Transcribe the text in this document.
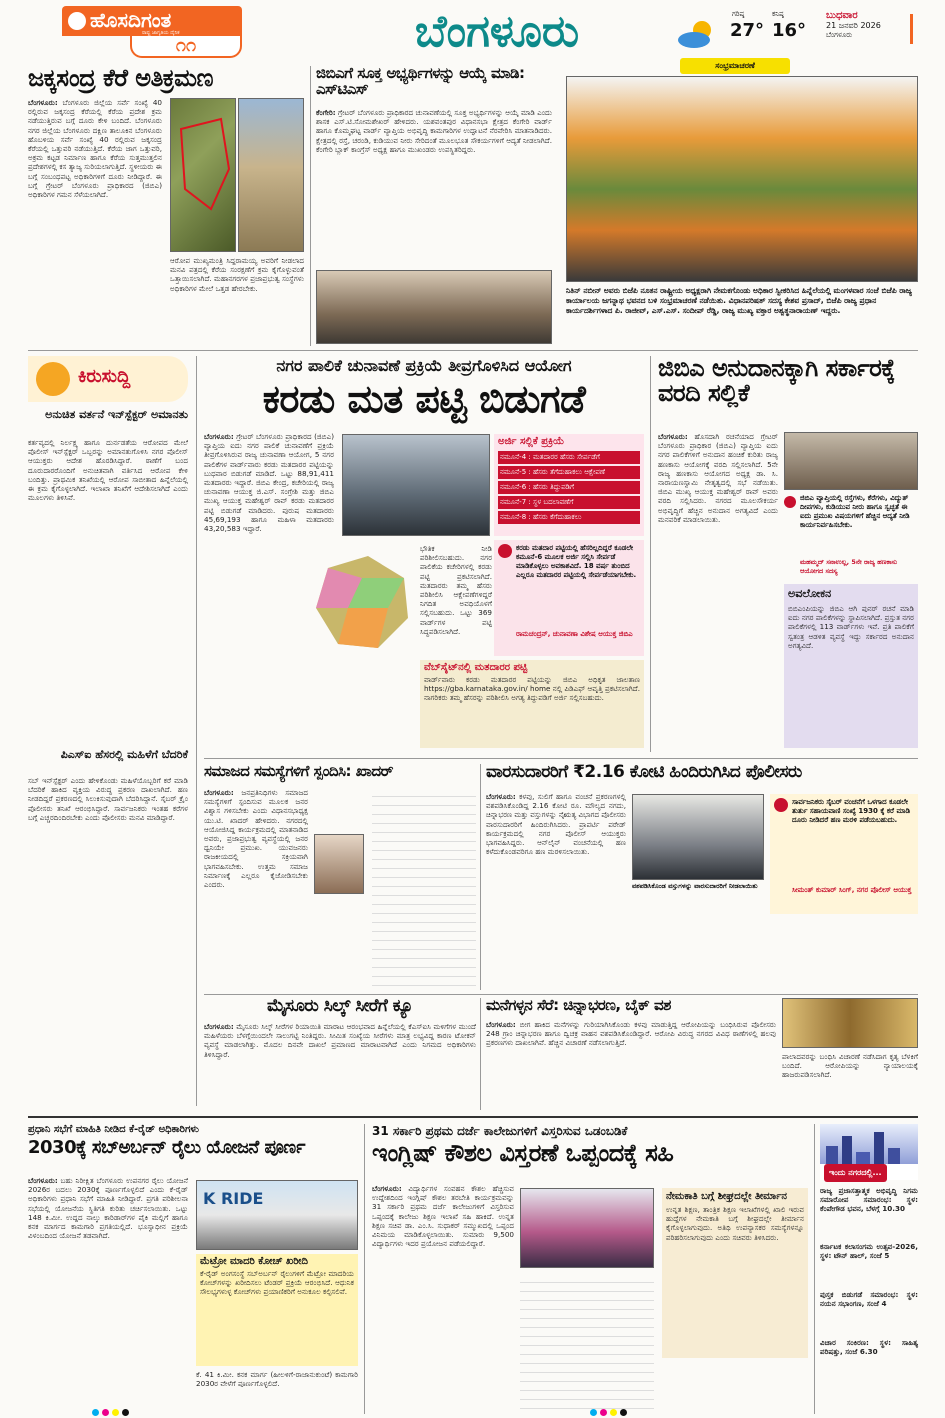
ಹೊಸದಿಗಂತ
ರಾಷ್ಟ್ರ ಜಾಗೃತಿಯ ದೈನಿಕ
೧೧	ಬೆಂಗಳೂರು	ಗರಿಷ್ಠ
27°
ಕನಿಷ್ಠ
16°
ಬುಧವಾರ
21 ಜನವರಿ 2026
ಬೆಂಗಳೂರು
ಸಂಭ್ರಮಾಚರಣೆ
ಜಕ್ಕಸಂದ್ರ ಕೆರೆ ಅತಿಕ್ರಮಣ
ಬೆಂಗಳೂರು: ಬೆಂಗಳೂರು ಜಿಲ್ಲೆಯ ಸರ್ವೆ ಸಂಖ್ಯೆ 40 ರಲ್ಲಿರುವ ಜಕ್ಕಸಂದ್ರ ಕೆರೆಯಲ್ಲಿ ಕೆರೆಯ ಪ್ರದೇಶ ಕ್ರಮ ನಡೆಯುತ್ತಿರುವ ಬಗ್ಗೆ ದೂರು ಕೇಳಿ ಬಂದಿದೆ. ಬೆಂಗಳೂರು ನಗರ ಜಿಲ್ಲೆಯ ಬೆಂಗಳೂರು ದಕ್ಷಿಣ ತಾಲೂಕಿನ ಬೆಂಗಳೂರು ಹೊಬಳಿಯ ಸರ್ವೆ ಸಂಖ್ಯೆ 40 ರಲ್ಲಿರುವ ಜಕ್ಕಸಂದ್ರ ಕೆರೆಯಲ್ಲಿ ಒತ್ತುವರಿ ನಡೆಯುತ್ತಿದೆ. ಕೆರೆಯ ಜಾಗ ಒತ್ತುವರಿ, ಅಕ್ರಮ ಕಟ್ಟಡ ನಿರ್ಮಾಣ ಹಾಗೂ ಕೆರೆಯ ಸುತ್ತಮುತ್ತಲಿನ ಪ್ರದೇಶಗಳಲ್ಲಿ ಕಸ ತ್ಯಾಜ್ಯ ಸುರಿಯಲಾಗುತ್ತಿದೆ. ಸ್ಥಳೀಯರು ಈ ಬಗ್ಗೆ ಸಂಬಂಧಪಟ್ಟ ಅಧಿಕಾರಿಗಳಿಗೆ ದೂರು ನೀಡಿದ್ದಾರೆ. ಈ ಬಗ್ಗೆ ಗ್ರೇಟರ್ ಬೆಂಗಳೂರು ಪ್ರಾಧಿಕಾರದ (ಜಿಬಿಎ) ಅಧಿಕಾರಿಗಳ ಗಮನ ಸೆಳೆಯಲಾಗಿದೆ.
ಆರೋಪ ಮುಖ್ಯಮಂತ್ರಿ ಸಿದ್ದರಾಮಯ್ಯ ಅವರಿಗೆ ನೀಡಲಾದ ಮನವಿ ಪತ್ರದಲ್ಲಿ ಕೆರೆಯ ಸಂರಕ್ಷಣೆಗೆ ಕ್ರಮ ಕೈಗೊಳ್ಳುವಂತೆ ಒತ್ತಾಯಿಸಲಾಗಿದೆ. ಮಹಾನಗರಗಳ ಪ್ರಜಾಪ್ರಭುತ್ವ ಸಂಸ್ಥೆಗಳು ಅಧಿಕಾರಿಗಳ ಮೇಲೆ ಒತ್ತಡ ಹೇರಬೇಕು.
ಜಿಬಿಎಗೆ ಸೂಕ್ತ ಅಭ್ಯರ್ಥಿಗಳನ್ನು ಆಯ್ಕೆ ಮಾಡಿ: ಎಸ್‌ಟಿಎಸ್
ಕೆಂಗೇರಿ: ಗ್ರೇಟರ್ ಬೆಂಗಳೂರು ಪ್ರಾಧಿಕಾರದ ಚುನಾವಣೆಯಲ್ಲಿ ಸೂಕ್ತ ಅಭ್ಯರ್ಥಿಗಳನ್ನು ಆಯ್ಕೆ ಮಾಡಿ ಎಂದು ಶಾಸಕ ಎಸ್.ಟಿ.ಸೋಮಶೇಖರ್ ಹೇಳಿದರು. ಯಶವಂತಪುರ ವಿಧಾನಸಭಾ ಕ್ಷೇತ್ರದ ಕೆಂಗೇರಿ ವಾರ್ಡ್ ಹಾಗೂ ಕೊಮ್ಮಘಟ್ಟ ವಾರ್ಡ್ ವ್ಯಾಪ್ತಿಯ ಅಭಿವೃದ್ಧಿ ಕಾಮಗಾರಿಗಳ ಉದ್ಘಾಟನೆ ನೆರವೇರಿಸಿ ಮಾತನಾಡಿದರು. ಕ್ಷೇತ್ರದಲ್ಲಿ ರಸ್ತೆ, ಚರಂಡಿ, ಕುಡಿಯುವ ನೀರು ಸೇರಿದಂತೆ ಮೂಲಭೂತ ಸೌಕರ್ಯಗಳಿಗೆ ಆದ್ಯತೆ ನೀಡಲಾಗಿದೆ. ಕೆಂಗೇರಿ ಬ್ಲಾಕ್ ಕಾಂಗ್ರೆಸ್ ಅಧ್ಯಕ್ಷ ಹಾಗೂ ಮುಖಂಡರು ಉಪಸ್ಥಿತರಿದ್ದರು.
ನಿತಿನ್ ನಬೀನ್ ಅವರು ಬಿಜೆಪಿ ನೂತನ ರಾಷ್ಟ್ರೀಯ ಅಧ್ಯಕ್ಷರಾಗಿ ನೇಮಕಗೊಂಡು ಅಧಿಕಾರ ಸ್ವೀಕರಿಸಿದ ಹಿನ್ನೆಲೆಯಲ್ಲಿ ಮಂಗಳವಾರ ಸಂಜೆ ಬಿಜೆಪಿ ರಾಜ್ಯ ಕಾರ್ಯಾಲಯ ಜಗನ್ನಾಥ ಭವನದ ಬಳಿ ಸಂಭ್ರಮಾಚರಣೆ ನಡೆಯಿತು. ವಿಧಾನಪರಿಷತ್ ಸದಸ್ಯ ಕೇಶವ ಪ್ರಸಾದ್, ಬಿಜೆಪಿ ರಾಜ್ಯ ಪ್ರಧಾನ ಕಾರ್ಯದರ್ಶಿಗಳಾದ ಪಿ. ರಾಜೀವ್, ಎಸ್.ಎಸ್. ಸಂದೀಪ್ ರೆಡ್ಡಿ, ರಾಜ್ಯ ಮುಖ್ಯ ವಕ್ತಾರ ಅಶ್ವತ್ಥನಾರಾಯಣ್ ಇದ್ದರು.
ಕಿರುಸುದ್ದಿ
ಅನುಚಿತ ವರ್ತನೆ ಇನ್‌ಸ್ಪೆಕ್ಟರ್ ಅಮಾನತು
ಕರ್ತವ್ಯದಲ್ಲಿ ನಿರ್ಲಕ್ಷ್ಯ ಹಾಗೂ ದುರ್ನಡತೆಯ ಆರೋಪದ ಮೇಲೆ ಪೊಲೀಸ್ ಇನ್‌ಸ್ಪೆಕ್ಟರ್ ಒಬ್ಬರನ್ನು ಅಮಾನತುಗೊಳಿಸಿ ನಗರ ಪೊಲೀಸ್ ಆಯುಕ್ತರು ಆದೇಶ ಹೊರಡಿಸಿದ್ದಾರೆ. ಠಾಣೆಗೆ ಬಂದ ದೂರುದಾರರೊಂದಿಗೆ ಅನುಚಿತವಾಗಿ ವರ್ತಿಸಿದ ಆರೋಪ ಕೇಳಿ ಬಂದಿತ್ತು. ಪ್ರಾಥಮಿಕ ತನಿಖೆಯಲ್ಲಿ ಆರೋಪ ಸಾಬೀತಾದ ಹಿನ್ನೆಲೆಯಲ್ಲಿ ಈ ಕ್ರಮ ಕೈಗೊಳ್ಳಲಾಗಿದೆ. ಇಲಾಖಾ ತನಿಖೆಗೆ ಆದೇಶಿಸಲಾಗಿದೆ ಎಂದು ಮೂಲಗಳು ತಿಳಿಸಿವೆ.
ಪಿಎಸ್‌ಐ ಹೆಸರಲ್ಲಿ ಮಹಿಳೆಗೆ ಬೆದರಿಕೆ
ಸಬ್ ಇನ್‌ಸ್ಪೆಕ್ಟರ್ ಎಂದು ಹೇಳಿಕೊಂಡು ಮಹಿಳೆಯೊಬ್ಬರಿಗೆ ಕರೆ ಮಾಡಿ ಬೆದರಿಕೆ ಹಾಕಿದ ವ್ಯಕ್ತಿಯ ವಿರುದ್ಧ ಪ್ರಕರಣ ದಾಖಲಾಗಿದೆ. ಹಣ ನೀಡದಿದ್ದರೆ ಪ್ರಕರಣದಲ್ಲಿ ಸಿಲುಕಿಸುವುದಾಗಿ ಬೆದರಿಸಿದ್ದಾನೆ. ಸೈಬರ್ ಕ್ರೈಂ ಪೊಲೀಸರು ತನಿಖೆ ಆರಂಭಿಸಿದ್ದಾರೆ. ಸಾರ್ವಜನಿಕರು ಇಂತಹ ಕರೆಗಳ ಬಗ್ಗೆ ಎಚ್ಚರದಿಂದಿರಬೇಕು ಎಂದು ಪೊಲೀಸರು ಮನವಿ ಮಾಡಿದ್ದಾರೆ.
ನಗರ ಪಾಲಿಕೆ ಚುನಾವಣೆ ಪ್ರಕ್ರಿಯೆ ತೀವ್ರಗೊಳಿಸಿದ ಆಯೋಗ
ಕರಡು ಮತ ಪಟ್ಟಿ ಬಿಡುಗಡೆ
ಬೆಂಗಳೂರು: ಗ್ರೇಟರ್ ಬೆಂಗಳೂರು ಪ್ರಾಧಿಕಾರದ (ಜಿಬಿಎ) ವ್ಯಾಪ್ತಿಯ ಐದು ನಗರ ಪಾಲಿಕೆ ಚುನಾವಣೆಗೆ ಪ್ರಕ್ರಿಯೆ ತೀವ್ರಗೊಳಿಸಿರುವ ರಾಜ್ಯ ಚುನಾವಣಾ ಆಯೋಗ, 5 ನಗರ ಪಾಲಿಕೆಗಳ ವಾರ್ಡ್‌ವಾರು ಕರಡು ಮತದಾರರ ಪಟ್ಟಿಯನ್ನು ಬುಧವಾರ ಬಿಡುಗಡೆ ಮಾಡಿದೆ. ಒಟ್ಟು 88,91,411 ಮತದಾರರು ಇದ್ದಾರೆ. ಜಿಬಿಎ ಕೇಂದ್ರ, ಕಚೇರಿಯಲ್ಲಿ ರಾಜ್ಯ ಚುನಾವಣಾ ಆಯುಕ್ತ ಜಿ.ಎಸ್. ಸಂಗ್ರೇಶಿ ಮತ್ತು ಜಿಬಿಎ ಮುಖ್ಯ ಆಯುಕ್ತ ಮಹೇಶ್ವರ್ ರಾವ್ ಕರಡು ಮತದಾರರ ಪಟ್ಟಿ ಬಿಡುಗಡೆ ಮಾಡಿದರು. ಪುರುಷ ಮತದಾರರು 45,69,193 ಹಾಗೂ ಮಹಿಳಾ ಮತದಾರರು 43,20,583 ಇದ್ದಾರೆ.
ಅರ್ಜಿ ಸಲ್ಲಿಕೆ ಪ್ರಕ್ರಿಯೆ
ನಮೂನೆ-4 : ಮತದಾರರ ಹೆಸರು ಸೇರ್ಪಡೆಗೆ
ನಮೂನೆ-5 : ಹೆಸರು ತೆಗೆದುಹಾಕಲು ಆಕ್ಷೇಪಣೆ
ನಮೂನೆ-6 : ಹೆಸರು ತಿದ್ದುಪಡಿಗೆ
ನಮೂನೆ-7 : ಸ್ಥಳ ಬದಲಾವಣೆಗೆ
ನಮೂನೆ-8 : ಹೆಸರು ಕೆಗೆದುಹಾಕಲು
ಭೌತಿಕ ನೀಡಿ ಪರಿಶೀಲಿಸಬಹುದು. ನಗರ ಪಾಲಿಕೆಯ ಕಚೇರಿಗಳಲ್ಲಿ ಕರಡು ಪಟ್ಟಿ ಪ್ರಕಟಿಸಲಾಗಿದೆ. ಮತದಾರರು ತಮ್ಮ ಹೆಸರು ಪರಿಶೀಲಿಸಿ ಆಕ್ಷೇಪಣೆಗಳಿದ್ದರೆ ನಿಗದಿತ ಅವಧಿಯೊಳಗೆ ಸಲ್ಲಿಸಬಹುದು. ಒಟ್ಟು 369 ವಾರ್ಡ್‌ಗಳ ಪಟ್ಟಿ ಸಿದ್ಧಪಡಿಸಲಾಗಿದೆ.
ಕರಡು ಮತದಾರ ಪಟ್ಟಿಯಲ್ಲಿ ಹೆಸರಿಲ್ಲದಿದ್ದರೆ ಕೂಡಲೇ ಕಮೂನೆ-6 ಮೂಲಕ ಅರ್ಜಿ ಸಲ್ಲಿಸಿ ಸೇರ್ಪಡೆ ಮಾಡಿಕೊಳ್ಳಲು ಅವಕಾಶವಿದೆ. 18 ವರ್ಷ ತುಂಬಿದ ಎಲ್ಲರೂ ಮತದಾರರ ಪಟ್ಟಿಯಲ್ಲಿ ಸೇರ್ಪಡೆಯಾಗಬೇಕು.
ರಾಮಚಂದ್ರನ್, ಚುನಾವಣಾ ವಿಶೇಷ ಆಯುಕ್ತ ಜಿಬಿಎ
ವೆಬ್‌ಸೈಟ್‌ನಲ್ಲಿ ಮತದಾರರ ಪಟ್ಟಿ
ವಾರ್ಡ್‌ವಾರು ಕರಡು ಮತದಾರರ ಪಟ್ಟಿಯನ್ನು ಜಿಬಿಎ ಅಧಿಕೃತ ಜಾಲತಾಣ https://gba.karnataka.gov.in/ home ನಲ್ಲಿ ಪಿಡಿಎಫ್ ಆವೃತ್ತಿ ಪ್ರಕಟಿಸಲಾಗಿದೆ. ನಾಗರಿಕರು ತಮ್ಮ ಹೆಸರನ್ನು ಪರಿಶೀಲಿಸಿ ಅಗತ್ಯ ತಿದ್ದುಪಡಿಗೆ ಅರ್ಜಿ ಸಲ್ಲಿಸಬಹುದು.
ಜಿಬಿಎ ಅನುದಾನಕ್ಕಾಗಿ ಸರ್ಕಾರಕ್ಕೆ ವರದಿ ಸಲ್ಲಿಕೆ
ಬೆಂಗಳೂರು: ಹೊಸದಾಗಿ ರಚನೆಯಾದ ಗ್ರೇಟರ್ ಬೆಂಗಳೂರು ಪ್ರಾಧಿಕಾರ (ಜಿಬಿಎ) ವ್ಯಾಪ್ತಿಯ ಐದು ನಗರ ಪಾಲಿಕೆಗಳಿಗೆ ಅನುದಾನ ಹಂಚಿಕೆ ಕುರಿತು ರಾಜ್ಯ ಹಣಕಾಸು ಆಯೋಗಕ್ಕೆ ವರದಿ ಸಲ್ಲಿಸಲಾಗಿದೆ. 5ನೇ ರಾಜ್ಯ ಹಣಕಾಸು ಆಯೋಗದ ಅಧ್ಯಕ್ಷ ಡಾ. ಸಿ. ನಾರಾಯಣಸ್ವಾಮಿ ನೇತೃತ್ವದಲ್ಲಿ ಸಭೆ ನಡೆಯಿತು. ಜಿಬಿಎ ಮುಖ್ಯ ಆಯುಕ್ತ ಮಹೇಶ್ವರ್ ರಾವ್ ಅವರು ವರದಿ ಸಲ್ಲಿಸಿದರು. ನಗರದ ಮೂಲಸೌಕರ್ಯ ಅಭಿವೃದ್ಧಿಗೆ ಹೆಚ್ಚಿನ ಅನುದಾನ ಅಗತ್ಯವಿದೆ ಎಂದು ಮನವರಿಕೆ ಮಾಡಲಾಯಿತು.
ಜಿಬಿಎ ವ್ಯಾಪ್ತಿಯಲ್ಲಿ ರಸ್ತೆಗಳು, ಕೆರೆಗಳು, ವಿದ್ಯುತ್ ದೀಪಗಳು, ಕುಡಿಯುವ ನೀರು ಹಾಗೂ ಸ್ವಚ್ಛತೆ ಈ ಐದು ಪ್ರಮುಖ ವಿಷಯಗಳಿಗೆ ಹೆಚ್ಚಿನ ಆದ್ಯತೆ ನೀಡಿ ಕಾರ್ಯನಿರ್ವಹಿಸಬೇಕು.
ಮಹಮ್ಮದ್ ಸನಾಉಲ್ಲ, 5ನೇ ರಾಜ್ಯ ಹಣಕಾಸು ಆಯೋಗದ ಸದಸ್ಯ
ಅವಲೋಕನ
ಬಿಬಿಎಂಪಿಯನ್ನು ಜಿಬಿಎ ಆಗಿ ಪುನರ್ ರಚನೆ ಮಾಡಿ ಐದು ನಗರ ಪಾಲಿಕೆಗಳನ್ನು ಸ್ಥಾಪಿಸಲಾಗಿದೆ. ಪ್ರಸ್ತುತ ನಗರ ಪಾಲಿಕೆಗಳಲ್ಲಿ 113 ವಾರ್ಡ್‌ಗಳು ಇವೆ. ಪ್ರತಿ ಪಾಲಿಕೆಗೆ ಸ್ವತಂತ್ರ ಆಡಳಿತ ವ್ಯವಸ್ಥೆ ಇದ್ದು ಸರ್ಕಾರದ ಅನುದಾನ ಅಗತ್ಯವಿದೆ.
ಸಮಾಜದ ಸಮಸ್ಯೆಗಳಿಗೆ ಸ್ಪಂದಿಸಿ: ಖಾದರ್
ಬೆಂಗಳೂರು: ಜನಪ್ರತಿನಿಧಿಗಳು ಸಮಾಜದ ಸಮಸ್ಯೆಗಳಿಗೆ ಸ್ಪಂದಿಸುವ ಮೂಲಕ ಜನರ ವಿಶ್ವಾಸ ಗಳಿಸಬೇಕು ಎಂದು ವಿಧಾನಸಭಾಧ್ಯಕ್ಷ ಯು.ಟಿ. ಖಾದರ್ ಹೇಳಿದರು. ನಗರದಲ್ಲಿ ಆಯೋಜಿಸಿದ್ದ ಕಾರ್ಯಕ್ರಮದಲ್ಲಿ ಮಾತನಾಡಿದ ಅವರು, ಪ್ರಜಾಪ್ರಭುತ್ವ ವ್ಯವಸ್ಥೆಯಲ್ಲಿ ಜನರ ಧ್ವನಿಯೇ ಪ್ರಮುಖ. ಯುವಜನರು ರಾಜಕೀಯದಲ್ಲಿ ಸಕ್ರಿಯವಾಗಿ ಭಾಗವಹಿಸಬೇಕು. ಉತ್ತಮ ಸಮಾಜ ನಿರ್ಮಾಣಕ್ಕೆ ಎಲ್ಲರೂ ಕೈಜೋಡಿಸಬೇಕು ಎಂದರು.
ವಾರಸುದಾರರಿಗೆ ₹2.16 ಕೋಟಿ ಹಿಂದಿರುಗಿಸಿದ ಪೊಲೀಸರು
ಬೆಂಗಳೂರು: ಕಳವು, ಸುಲಿಗೆ ಹಾಗೂ ವಂಚನೆ ಪ್ರಕರಣಗಳಲ್ಲಿ ವಶಪಡಿಸಿಕೊಂಡಿದ್ದ 2.16 ಕೋಟಿ ರೂ. ಮೌಲ್ಯದ ನಗದು, ಚಿನ್ನಾಭರಣ ಮತ್ತು ವಸ್ತುಗಳನ್ನು ನೈಋತ್ಯ ವಿಭಾಗದ ಪೊಲೀಸರು ವಾರಸುದಾರರಿಗೆ ಹಿಂದಿರುಗಿಸಿದರು. ಪ್ರಾಪರ್ಟಿ ಪರೇಡ್ ಕಾರ್ಯಕ್ರಮದಲ್ಲಿ ನಗರ ಪೊಲೀಸ್ ಆಯುಕ್ತರು ಭಾಗವಹಿಸಿದ್ದರು. ಆನ್‌ಲೈನ್ ವಂಚನೆಯಲ್ಲಿ ಹಣ ಕಳೆದುಕೊಂಡವರಿಗೂ ಹಣ ಮರಳಿಸಲಾಯಿತು.
ವಶಪಡಿಸಿಕೊಂಡ ವಸ್ತುಗಳನ್ನು ವಾರಸುದಾರರಿಗೆ ನೀಡಲಾಯಿತು
ಸಾರ್ವಜನಿಕರು ಸೈಬರ್ ವಂಚನೆಗೆ ಒಳಗಾದ ಕೂಡಲೇ ತುರ್ತು ಸಹಾಯವಾಣಿ ಸಂಖ್ಯೆ 1930 ಕ್ಕೆ ಕರೆ ಮಾಡಿ ದೂರು ನೀಡಿದರೆ ಹಣ ಮರಳಿ ಪಡೆಯಬಹುದು.
ಸೀಮಂತ್ ಕುಮಾರ್ ಸಿಂಗ್, ನಗರ ಪೊಲೀಸ್ ಆಯುಕ್ತ
ಮೈಸೂರು ಸಿಲ್ಕ್ ಸೀರೆಗೆ ಕ್ಯೂ
ಬೆಂಗಳೂರು: ಮೈಸೂರು ಸಿಲ್ಕ್ ಸೀರೆಗಳ ರಿಯಾಯಿತಿ ಮಾರಾಟ ಆರಂಭವಾದ ಹಿನ್ನೆಲೆಯಲ್ಲಿ ಕೆಎಸ್‌ಐಸಿ ಮಳಿಗೆಗಳ ಮುಂದೆ ಮಹಿಳೆಯರು ಬೆಳಗ್ಗೆಯಿಂದಲೇ ಸಾಲುಗಟ್ಟಿ ನಿಂತಿದ್ದರು. ಸೀಮಿತ ಸಂಖ್ಯೆಯ ಸೀರೆಗಳು ಮಾತ್ರ ಲಭ್ಯವಿದ್ದ ಕಾರಣ ಟೋಕನ್ ವ್ಯವಸ್ಥೆ ಮಾಡಲಾಗಿತ್ತು. ಮೊದಲ ದಿನವೇ ದಾಖಲೆ ಪ್ರಮಾಣದ ಮಾರಾಟವಾಗಿದೆ ಎಂದು ನಿಗಮದ ಅಧಿಕಾರಿಗಳು ತಿಳಿಸಿದ್ದಾರೆ.
ಮನೆಗಳ್ಳನ ಸೆರೆ: ಚಿನ್ನಾಭರಣ, ಬೈಕ್ ವಶ
ಬೆಂಗಳೂರು: ಬೀಗ ಹಾಕಿದ ಮನೆಗಳನ್ನು ಗುರಿಯಾಗಿಸಿಕೊಂಡು ಕಳವು ಮಾಡುತ್ತಿದ್ದ ಆರೋಪಿಯನ್ನು ಬಂಧಿಸಿರುವ ಪೊಲೀಸರು 248 ಗ್ರಾಂ ಚಿನ್ನಾಭರಣ ಹಾಗೂ ದ್ವಿಚಕ್ರ ವಾಹನ ವಶಪಡಿಸಿಕೊಂಡಿದ್ದಾರೆ. ಆರೋಪಿ ವಿರುದ್ಧ ನಗರದ ವಿವಿಧ ಠಾಣೆಗಳಲ್ಲಿ ಹಲವು ಪ್ರಕರಣಗಳು ದಾಖಲಾಗಿವೆ. ಹೆಚ್ಚಿನ ವಿಚಾರಣೆ ನಡೆಸಲಾಗುತ್ತಿದೆ.
ಪಾಲಾದವರನ್ನು ಬಂಧಿಸಿ ವಿಚಾರಣೆ ನಡೆಸಿದಾಗ ಕೃತ್ಯ ಬೆಳಕಿಗೆ ಬಂದಿದೆ. ಆರೋಪಿಯನ್ನು ನ್ಯಾಯಾಲಯಕ್ಕೆ ಹಾಜರುಪಡಿಸಲಾಗಿದೆ.
ಪ್ರಧಾನಿ ಸಭೆಗೆ ಮಾಹಿತಿ ನೀಡಿದ ಕೆ-ರೈಡ್ ಅಧಿಕಾರಿಗಳು
2030ಕ್ಕೆ ಸಬ್‌ಅರ್ಬನ್ ರೈಲು ಯೋಜನೆ ಪೂರ್ಣ
ಬೆಂಗಳೂರು: ಬಹು ನಿರೀಕ್ಷಿತ ಬೆಂಗಳೂರು ಉಪನಗರ ರೈಲು ಯೋಜನೆ 2026ರ ಬದಲು 2030ಕ್ಕೆ ಪೂರ್ಣಗೊಳ್ಳಲಿದೆ ಎಂದು ಕೆ-ರೈಡ್ ಅಧಿಕಾರಿಗಳು ಪ್ರಧಾನಿ ಸಭೆಗೆ ಮಾಹಿತಿ ನೀಡಿದ್ದಾರೆ. ಪ್ರಗತಿ ಪರಿಶೀಲನಾ ಸಭೆಯಲ್ಲಿ ಯೋಜನೆಯ ಸ್ಥಿತಿಗತಿ ಕುರಿತು ಚರ್ಚಿಸಲಾಯಿತು. ಒಟ್ಟು 148 ಕಿ.ಮೀ. ಉದ್ದದ ನಾಲ್ಕು ಕಾರಿಡಾರ್‌ಗಳ ಪೈಕಿ ಮಲ್ಲಿಗೆ ಹಾಗೂ ಕನಕ ಮಾರ್ಗದ ಕಾಮಗಾರಿ ಪ್ರಗತಿಯಲ್ಲಿದೆ. ಭೂಸ್ವಾಧೀನ ಪ್ರಕ್ರಿಯೆ ವಿಳಂಬದಿಂದ ಯೋಜನೆ ತಡವಾಗಿದೆ.
K RIDE
ಮೆಟ್ರೋ ಮಾದರಿ ಕೋಚ್ ಖರೀದಿ
ಕೆ-ರೈಡ್ ಅಂಗಸಂಸ್ಥೆ ಸಬ್‌ಅರ್ಬನ್ ರೈಲುಗಳಿಗೆ ಮೆಟ್ರೋ ಮಾದರಿಯ ಕೋಚ್‌ಗಳನ್ನು ಖರೀದಿಸಲು ಟೆಂಡರ್ ಪ್ರಕ್ರಿಯೆ ಆರಂಭಿಸಿದೆ. ಆಧುನಿಕ ಸೌಲಭ್ಯಗಳುಳ್ಳ ಕೋಚ್‌ಗಳು ಪ್ರಯಾಣಿಕರಿಗೆ ಅನುಕೂಲ ಕಲ್ಪಿಸಲಿವೆ.
ಕೆ. 41 ಕಿ.ಮೀ. ಕನಕ ಮಾರ್ಗ (ಹೀಲಳಿಗೆ-ರಾಜಾನುಕುಂಟೆ) ಕಾಮಗಾರಿ 2030ರ ವೇಳೆಗೆ ಪೂರ್ಣಗೊಳ್ಳಲಿದೆ.
31 ಸರ್ಕಾರಿ ಪ್ರಥಮ ದರ್ಜೆ ಕಾಲೇಜುಗಳಿಗೆ ವಿಸ್ತರಿಸುವ ಒಡಂಬಡಿಕೆ
ಇಂಗ್ಲಿಷ್ ಕೌಶಲ ವಿಸ್ತರಣೆ ಒಪ್ಪಂದಕ್ಕೆ ಸಹಿ
ಬೆಂಗಳೂರು: ವಿದ್ಯಾರ್ಥಿಗಳ ಸಂವಹನ ಕೌಶಲ ಹೆಚ್ಚಿಸುವ ಉದ್ದೇಶದಿಂದ ಇಂಗ್ಲಿಷ್ ಕೌಶಲ ತರಬೇತಿ ಕಾರ್ಯಕ್ರಮವನ್ನು 31 ಸರ್ಕಾರಿ ಪ್ರಥಮ ದರ್ಜೆ ಕಾಲೇಜುಗಳಿಗೆ ವಿಸ್ತರಿಸುವ ಒಪ್ಪಂದಕ್ಕೆ ಕಾಲೇಜು ಶಿಕ್ಷಣ ಇಲಾಖೆ ಸಹಿ ಹಾಕಿದೆ. ಉನ್ನತ ಶಿಕ್ಷಣ ಸಚಿವ ಡಾ. ಎಂ.ಸಿ. ಸುಧಾಕರ್ ಸಮ್ಮುಖದಲ್ಲಿ ಒಪ್ಪಂದ ವಿನಿಮಯ ಮಾಡಿಕೊಳ್ಳಲಾಯಿತು. ಸುಮಾರು 9,500 ವಿದ್ಯಾರ್ಥಿಗಳು ಇದರ ಪ್ರಯೋಜನ ಪಡೆಯಲಿದ್ದಾರೆ.
ನೇಮಕಾತಿ ಬಗ್ಗೆ ಶೀಘ್ರದಲ್ಲೇ ತೀರ್ಮಾನ
ಉನ್ನತ ಶಿಕ್ಷಣ, ತಾಂತ್ರಿಕ ಶಿಕ್ಷಣ ಇಲಾಖೆಗಳಲ್ಲಿ ಖಾಲಿ ಇರುವ ಹುದ್ದೆಗಳ ನೇಮಕಾತಿ ಬಗ್ಗೆ ಶೀಘ್ರದಲ್ಲೇ ತೀರ್ಮಾನ ಕೈಗೊಳ್ಳಲಾಗುವುದು. ಅತಿಥಿ ಉಪನ್ಯಾಸಕರ ಸಮಸ್ಯೆಗಳನ್ನೂ ಪರಿಹರಿಸಲಾಗುವುದು ಎಂದು ಸಚಿವರು ತಿಳಿಸಿದರು.
ಇಂದು ನಗರದಲ್ಲಿ...
ರಾಜ್ಯ ಪ್ರಜಾಸತ್ತಾತ್ಮಕ ಅಭಿವೃದ್ಧಿ ನಿಗಮ ಸಮಾರೋಪ ಸಮಾರಂಭ: ಸ್ಥಳ: ಕೆಂಪೇಗೌಡ ಭವನ, ಬೆಳಗ್ಗೆ 10.30
ಕರ್ನಾಟಕ ಕಲಾಸಂಗಮ ಉತ್ಸವ-2026, ಸ್ಥಳ: ಟೌನ್ ಹಾಲ್, ಸಂಜೆ 5
ಪುಸ್ತಕ ಬಿಡುಗಡೆ ಸಮಾರಂಭ: ಸ್ಥಳ: ನಯನ ಸಭಾಂಗಣ, ಸಂಜೆ 4
ವಿಚಾರ ಸಂಕಿರಣ: ಸ್ಥಳ: ಸಾಹಿತ್ಯ ಪರಿಷತ್ತು, ಸಂಜೆ 6.30
